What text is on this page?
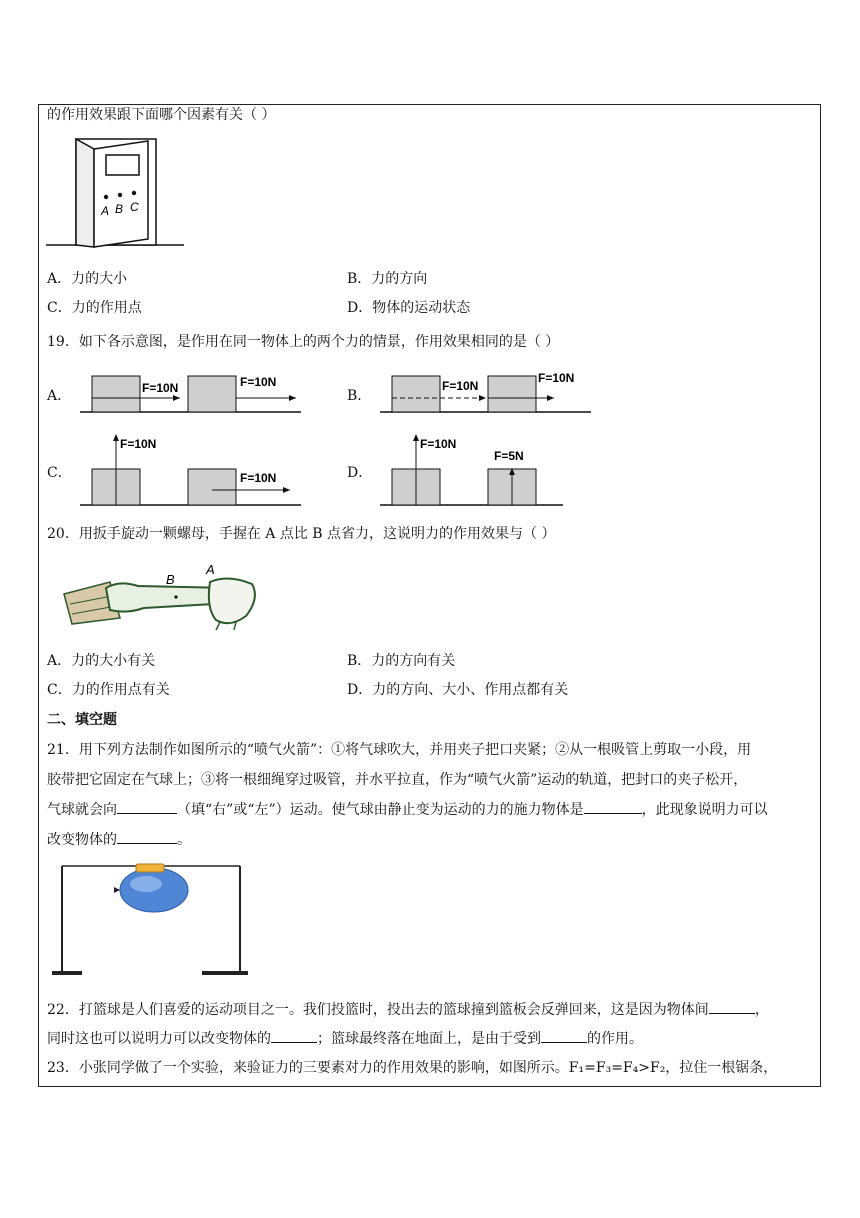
的作用效果跟下面哪个因素有关（ ）
A B C
A．力的大小	B．力的方向
C．力的作用点	D．物体的运动状态
19．如下各示意图，是作用在同一物体上的两个力的情景，作用效果相同的是（ ）
A．	F=10N	F=10N
B．
F=10N
F=10N
C．
F=10N
F=10N	D．
F=10N
F=5N
20．用扳手旋动一颗螺母，手握在 A 点比 B 点省力，这说明力的作用效果与（ ）
B
A
A．力的大小有关	B．力的方向有关
C．力的作用点有关	D．力的方向、大小、作用点都有关
二、填空题
21．用下列方法制作如图所示的“喷气火箭”：①将气球吹大，并用夹子把口夹紧；②从一根吸管上剪取一小段，用
胶带把它固定在气球上；③将一根细绳穿过吸管，并水平拉直，作为“喷气火箭”运动的轨道，把封口的夹子松开，
气球就会向	（填“右”或“左”）运动。使气球由静止变为运动的力的施力物体是	，此现象说明力可以
改变物体的	。
22．打篮球是人们喜爱的运动项目之一。我们投篮时，投出去的篮球撞到篮板会反弹回来，这是因为物体间	，
同时这也可以说明力可以改变物体的	；篮球最终落在地面上，是由于受到	的作用。
23．小张同学做了一个实验，来验证力的三要素对力的作用效果的影响，如图所示。F₁=F₃=F₄>F₂，拉住一根锯条，
